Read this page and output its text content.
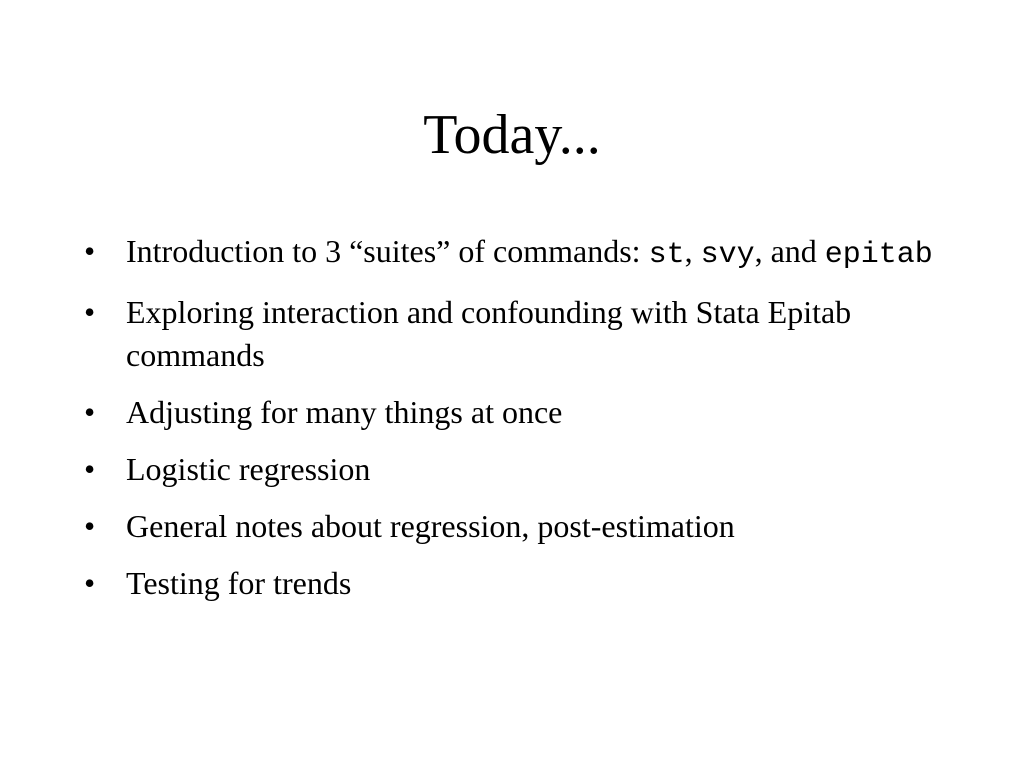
Today...
• Introduction to 3 “suites” of commands: st, svy, and epitab
• Exploring interaction and confounding with Stata Epitab commands
• Adjusting for many things at once
• Logistic regression
• General notes about regression, post-estimation
• Testing for trends
